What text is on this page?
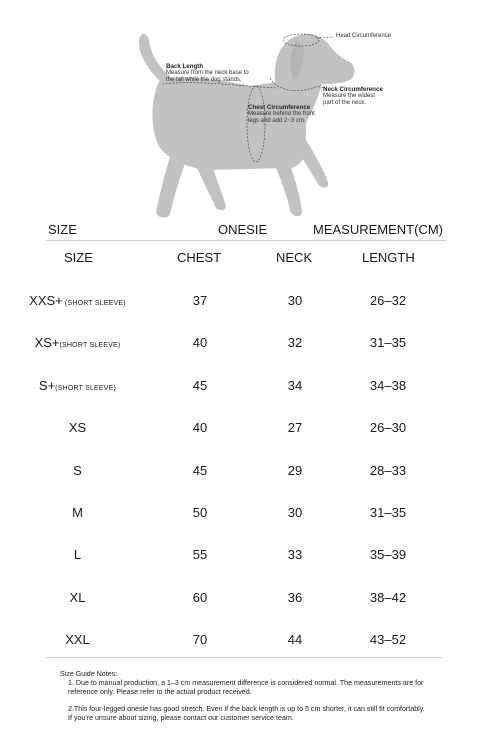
Head Circumference
Back Length
Measure from the neck base to
the tail while the dog stands.
Neck Circumference
Measure the widest
part of the neck.
Chest Circumference
Measure behind the front
legs and add 2~3 cm.
SIZE	ONESIE	MEASUREMENT(CM)
SIZE	CHEST	NECK	LENGTH
XXS+ (SHORT SLEEVE)	37	30	26–32
XS+(SHORT SLEEVE)	40	32	31–35
S+(SHORT SLEEVE)	45	34	34–38
XS	40	27	26–30
S	45	29	28–33
M	50	30	31–35
L	55	33	35–39
XL	60	36	38–42
XXL	70	44	43–52

Size Guide Notes:

1. Due to manual production, a 1–3 cm measurement difference is considered normal. The measurements are for reference only. Please refer to the actual product received.

2.This four-legged onesie has good stretch. Even if the back length is up to 5 cm shorter, it can still fit comfortably. If you're unsure about sizing, please contact our customer service team.
